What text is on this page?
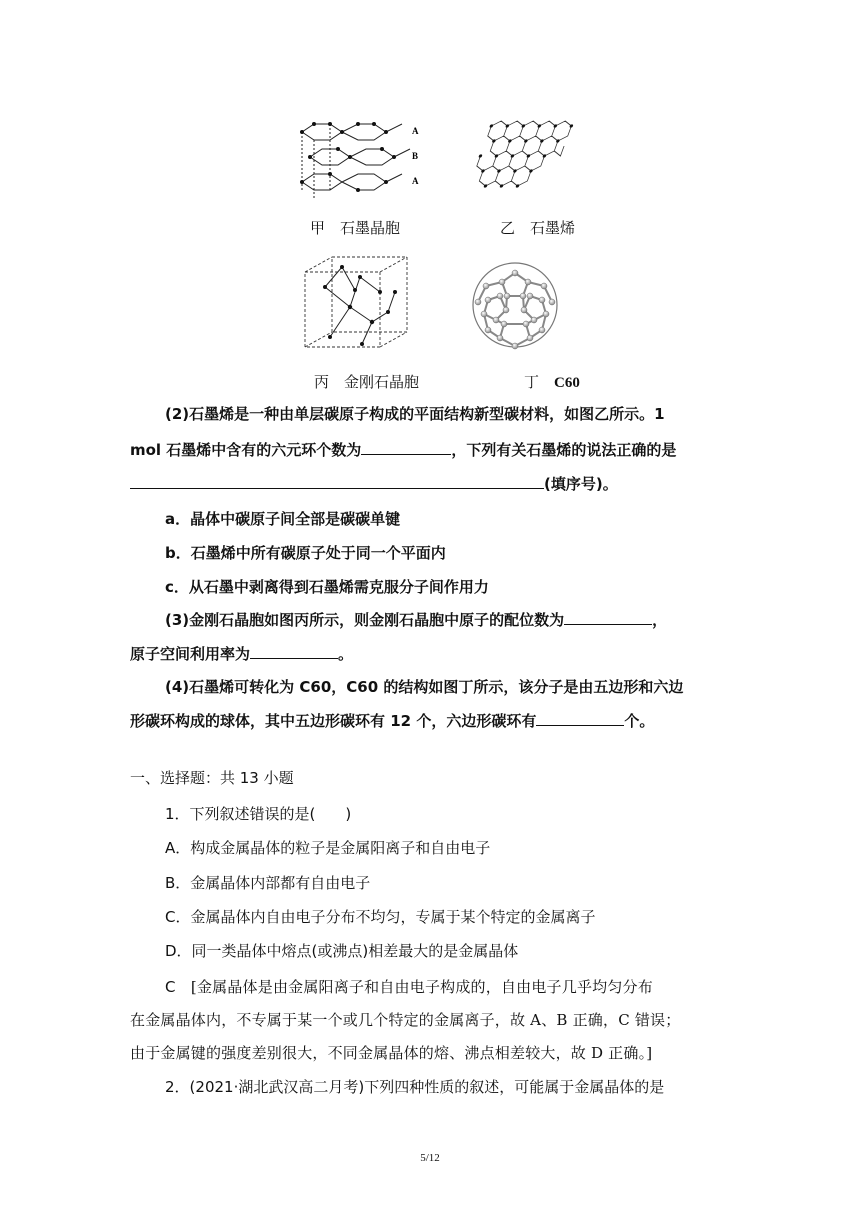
A
B
A
甲　石墨晶胞	乙　石墨烯
丙　金刚石晶胞	丁　 C60
(2)石墨烯是一种由单层碳原子构成的平面结构新型碳材料，如图乙所示。1
mol 石墨烯中含有的六元环个数为	，下列有关石墨烯的说法正确的是
(填序号)。
a．晶体中碳原子间全部是碳碳单键
b．石墨烯中所有碳原子处于同一个平面内
c．从石墨中剥离得到石墨烯需克服分子间作用力
(3)金刚石晶胞如图丙所示，则金刚石晶胞中原子的配位数为	，
原子空间利用率为	。
(4)石墨烯可转化为 C60，C60 的结构如图丁所示，该分子是由五边形和六边
形碳环构成的球体，其中五边形碳环有 12 个，六边形碳环有	个。
一、选择题：共 13 小题
1．下列叙述错误的是(　　)
A．构成金属晶体的粒子是金属阳离子和自由电子
B．金属晶体内部都有自由电子
C．金属晶体内自由电子分布不均匀，专属于某个特定的金属离子
D．同一类晶体中熔点(或沸点)相差最大的是金属晶体
C　 [金属晶体是由金属阳离子和自由电子构成的，自由电子几乎均匀分布
在金属晶体内，不专属于某一个或几个特定的金属离子，故 A、B 正确，C 错误；
由于金属键的强度差别很大，不同金属晶体的熔、沸点相差较大，故 D 正确。]
2．(2021·湖北武汉高二月考)下列四种性质的叙述，可能属于金属晶体的是
5/12
